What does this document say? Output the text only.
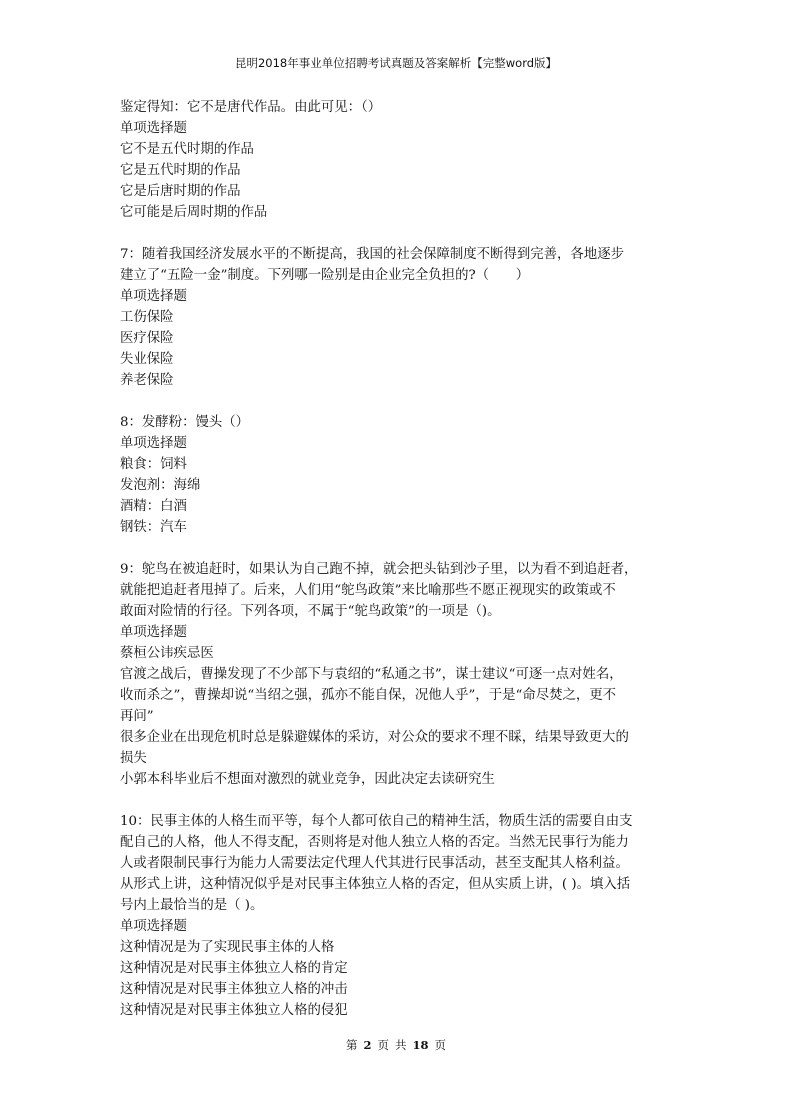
昆明2018年事业单位招聘考试真题及答案解析【完整word版】
鉴定得知：它不是唐代作品。由此可见：（）
单项选择题
它不是五代时期的作品
它是五代时期的作品
它是后唐时期的作品
它可能是后周时期的作品
7：随着我国经济发展水平的不断提高，我国的社会保障制度不断得到完善，各地逐步
建立了“五险一金”制度。下列哪一险别是由企业完全负担的?（　　）
单项选择题
工伤保险
医疗保险
失业保险
养老保险
8：发酵粉：馒头（）
单项选择题
粮食：饲料
发泡剂：海绵
酒精：白酒
钢铁：汽车
9：鸵鸟在被追赶时，如果认为自己跑不掉，就会把头钻到沙子里，以为看不到追赶者，
就能把追赶者甩掉了。后来，人们用“鸵鸟政策”来比喻那些不愿正视现实的政策或不
敢面对险情的行径。下列各项，不属于“鸵鸟政策”的一项是（)。
单项选择题
蔡桓公讳疾忌医
官渡之战后，曹操发现了不少部下与袁绍的“私通之书”，谋士建议“可逐一点对姓名，
收而杀之”，曹操却说“当绍之强，孤亦不能自保，况他人乎”，于是“命尽焚之，更不
再问”
很多企业在出现危机时总是躲避媒体的采访，对公众的要求不理不睬，结果导致更大的
损失
小郭本科毕业后不想面对激烈的就业竞争，因此决定去读研究生
10：民事主体的人格生而平等，每个人都可依自己的精神生活，物质生活的需要自由支
配自己的人格，他人不得支配，否则将是对他人独立人格的否定。当然无民事行为能力
人或者限制民事行为能力人需要法定代理人代其进行民事活动，甚至支配其人格利益。
从形式上讲，这种情况似乎是对民事主体独立人格的否定，但从实质上讲，( )。填入括
号内上最恰当的是（ )。
单项选择题
这种情况是为了实现民事主体的人格
这种情况是对民事主体独立人格的肯定
这种情况是对民事主体独立人格的冲击
这种情况是对民事主体独立人格的侵犯
第 2 页 共 18 页
